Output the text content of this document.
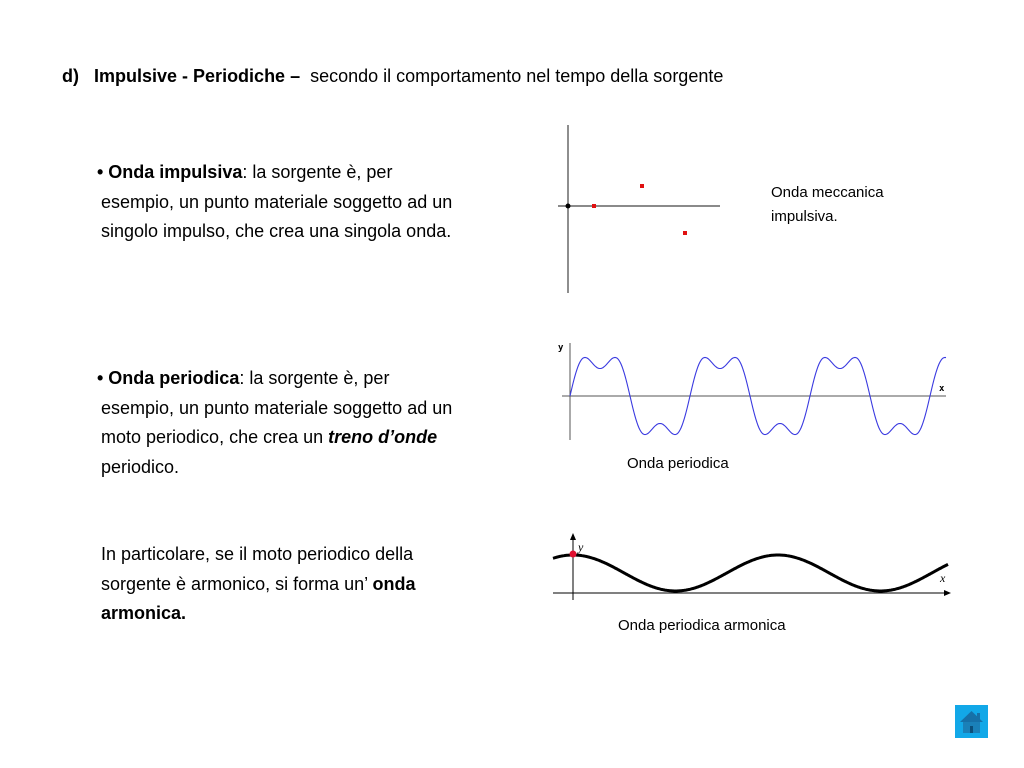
d) Impulsive - Periodiche – secondo il comportamento nel tempo della sorgente
• Onda impulsiva: la sorgente è, per
esempio, un punto materiale soggetto ad un
singolo impulso, che crea una singola onda.
• Onda periodica: la sorgente è, per
esempio, un punto materiale soggetto ad un
moto periodico, che crea un treno d’onde
periodico.
In particolare, se il moto periodico della
sorgente è armonico, si forma un’ onda
armonica.
y
x
y
x
Onda meccanica
impulsiva.
Onda periodica
Onda periodica armonica
